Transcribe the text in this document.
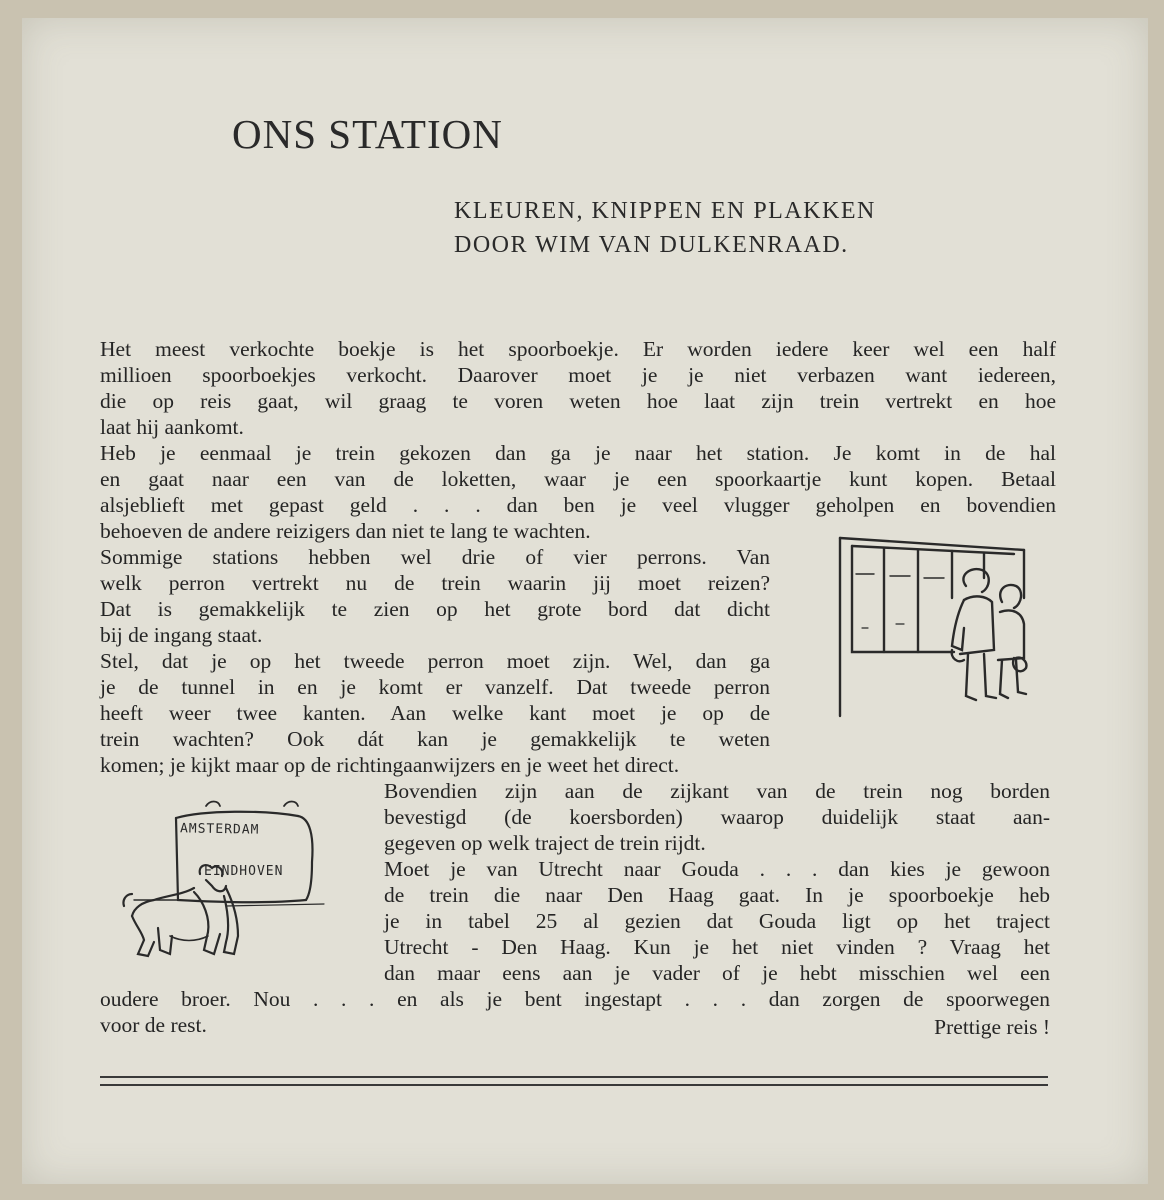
ONS STATION
KLEUREN, KNIPPEN EN PLAKKEN
DOOR WIM VAN DULKENRAAD.
Het meest verkochte boekje is het spoorboekje. Er worden iedere keer wel een half
millioen spoorboekjes verkocht. Daarover moet je je niet verbazen want iedereen,
die op reis gaat, wil graag te voren weten hoe laat zijn trein vertrekt en hoe
laat hij aankomt.
Heb je eenmaal je trein gekozen dan ga je naar het station. Je komt in de hal
en gaat naar een van de loketten, waar je een spoorkaartje kunt kopen. Betaal
alsjeblieft met gepast geld . . . dan ben je veel vlugger geholpen en bovendien
behoeven de andere reizigers dan niet te lang te wachten.
Sommige stations hebben wel drie of vier perrons. Van
welk perron vertrekt nu de trein waarin jij moet reizen?
Dat is gemakkelijk te zien op het grote bord dat dicht
bij de ingang staat.
Stel, dat je op het tweede perron moet zijn. Wel, dan ga
je de tunnel in en je komt er vanzelf. Dat tweede perron
heeft weer twee kanten. Aan welke kant moet je op de
trein wachten? Ook dát kan je gemakkelijk te weten
komen; je kijkt maar op de richtingaanwijzers en je weet het direct.
Bovendien zijn aan de zijkant van de trein nog borden
bevestigd (de koersborden) waarop duidelijk staat aan-
gegeven op welk traject de trein rijdt.
Moet je van Utrecht naar Gouda . . . dan kies je gewoon
de trein die naar Den Haag gaat. In je spoorboekje heb
je in tabel 25 al gezien dat Gouda ligt op het traject
Utrecht - Den Haag. Kun je het niet vinden ? Vraag het
dan maar eens aan je vader of je hebt misschien wel een
oudere broer. Nou . . . en als je bent ingestapt . . . dan zorgen de spoorwegen
voor de rest.	Prettige reis !
AMSTERDAM
EINDHOVEN
